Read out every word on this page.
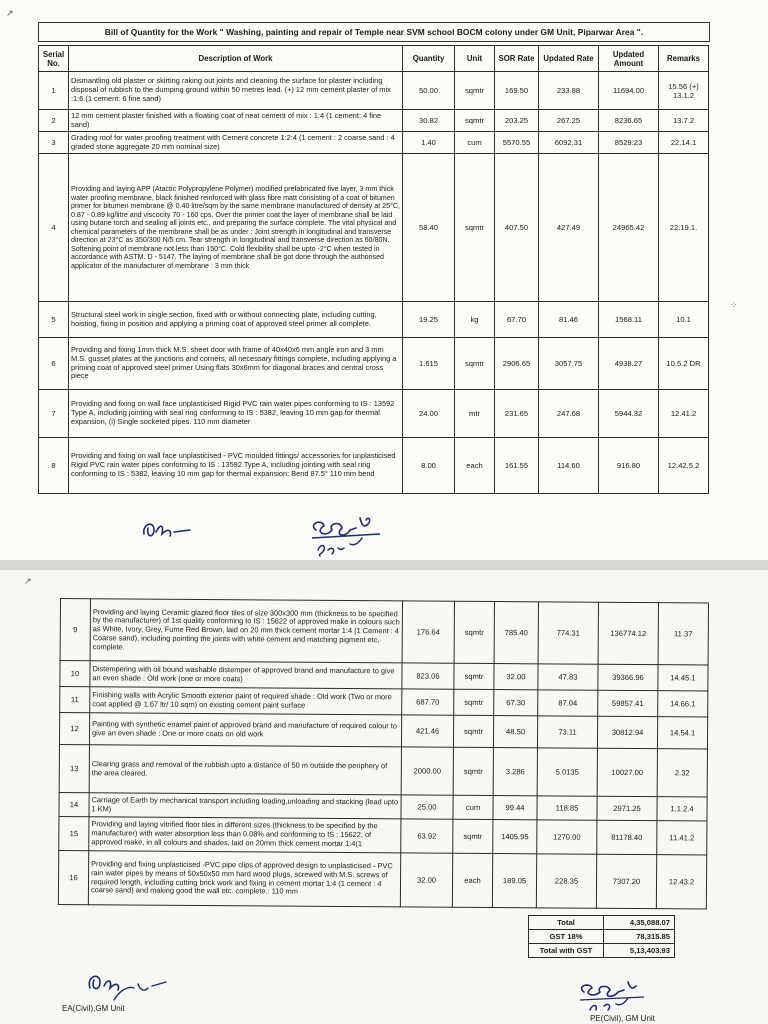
↗
Bill of Quantity for the Work " Washing, painting and repair of Temple near SVM school BOCM colony under GM Unit, Piparwar Area ".
Serial No.	Description of Work	Quantity	Unit	SOR Rate	Updated Rate	Updated Amount	Remarks
1	Dismantling old plaster or skirting raking out joints and cleaning the surface for plaster including disposal of rubbish to the dumping ground within 50 metres lead. (+) 12 mm cement plaster of mix :1:6 (1 cement: 6 fine sand)	50.00	sqmtr	169.50	233.88	11694.00	15.56 (+) 13.1.2
2	12 mm cement plaster finished with a floating coat of neat cement of mix : 1:4 (1 cement: 4 fine sand)	30.82	sqmtr	203.25	267.25	8236.65	13.7.2
3	Grading roof for water proofing treatment with Cement concrete 1:2:4 (1 cement : 2 coarse sand : 4 graded stone aggregate 20 mm nominal size)	1.40	cum	5570.55	6092.31	8529.23	22.14.1
4	Providing and laying APP (Atactic Polypropylene Polymer) modified prefabricated five layer, 3 mm thick water proofing membrane, black finished reinforced with glass fibre matt consisting of a coat of bitumen primer for bitumen membrane @ 0.40 litre/sqm by the same membrane manufactured of density at 25°C, 0.87 - 0.89 kg/litre and viscocity 70 - 160 cps. Over the primer coat the layer of membrane shall be laid using butane torch and sealing all joints etc., and preparing the surface complete. The vital physical and chemical parameters of the membrane shall be as under : Joint strength in longitudinal and transverse direction at 23°C as 350/300 N/5 cm. Tear strength in longitudinal and transverse direction as 60/80N. Softening point of membrane not less than 150°C. Cold flexibility shall be upto -2°C when tested in accordance with ASTM. D - 5147. The laying of membrane shall be got done through the authorised applicator of the manufacturer of membrane : 3 mm thick	58.40	sqmtr	407.50	427.49	24965.42	22.19.1.
5	Structural steel work in single section, fixed with or without connecting plate, including cutting, hoisting, fixing in position and applying a priming coat of approved steel primer all complete.	19.25	kg	67.70	81.46	1568.11	10.1
6	Providing and fixing 1mm thick M.S. sheet door with frame of 40x40x6 mm angle iron and 3 mm M.S. gusset plates at the junctions and corners, all necessary fittings complete, including applying a priming coat of approved steel primer Using flats 30x6mm for diagonal braces and central cross piece	1.615	sqmtr	2906.65	3057.75	4938.27	10.5.2 DR
7	Providing and fixing on wall face unplasticised Rigid PVC rain water pipes conforming to IS : 13592 Type A, including jointing with seal ring conforming to IS : 5382, leaving 10 mm gap for thermal expansion, (i) Single socketed pipes. 110 mm diameter	24.00	mtr	231.65	247.68	5944.32	12.41.2
8	Providing and fixing on wall face unplasticised - PVC moulded fittings/ accessories for unplasticised Rigid PVC rain water pipes conforming to IS : 13592 Type A, including jointing with seal ring conforming to IS : 5382, leaving 10 mm gap for thermal expansion: Bend 87.5° 110 mm bend	8.00	each	161.55	114.60	916.80	12.42.5.2
⁘
↗
9	Providing and laying Ceramic glazed floor tiles of size 300x300 mm (thickness to be specified by the manufacturer) of 1st quality conforming to IS : 15622 of approved make in colours such as White, Ivory, Grey, Fume Red Brown, laid on 20 mm thick cement mortar 1:4 (1 Cement : 4 Coarse sand), including pointing the joints with white cement and matching pigment etc, complete.	176.64	sqmtr	785.40	774.31	136774.12	11.37
10	Distempering with oil bound washable distemper of approved brand and manufacture to give an even shade : Old work (one or more coats)	823.06	sqmtr	32.00	47.83	39366.96	14.45.1
11	Finishing walls with Acrylic Smooth exterior paint of required shade : Old work (Two or more coat applied @ 1.67 ltr/ 10 sqm) on existing cement paint surface	687.70	sqmtr	67.30	87.04	59857.41	14.66.1
12	Painting with synthetic enamel paint of approved brand and manufacture of required colour to give an even shade : One or more coats on old work	421.46	sqmtr	48.50	73.11	30812.94	14.54.1
13	Clearing grass and removal of the rubbish upto a distance of 50 m outside the periphery of the area cleared.	2000.00	sqmtr	3.286	5.0135	10027.00	2.32
14	Carriage of Earth by mechanical transport including loading,unloading and stacking (lead upto 1 KM)	25.00	cum	99.44	118.85	2971.25	1.1.2.4
15	Providing and laying vitrified floor tiles in different sizes (thickness to be specified by the manufacturer) with water absorption less than 0.08% and conforming to IS : 15622, of approved make, in all colours and shades, laid on 20mm thick cement mortar 1:4(1	63.92	sqmtr	1405.95	1270.00	81178.40	11.41.2
16	Providing and fixing unplasticised -PVC pipe clips of approved design to unplasticised - PVC rain water pipes by means of 50x50x50 mm hard wood plugs, screwed with M.S. screws of required length, including cutting brick work and fixing in cement mortar 1:4 (1 cement : 4 coarse sand) and making good the wall etc. complete.: 110 mm	32.00	each	189.05	228.35	7307.20	12.43.2
Total	4,35,088.07
GST 18%	78,315.85
Total with GST	5,13,403.93
EA(Civil),GM Unit
PE(Civil), GM Unit
